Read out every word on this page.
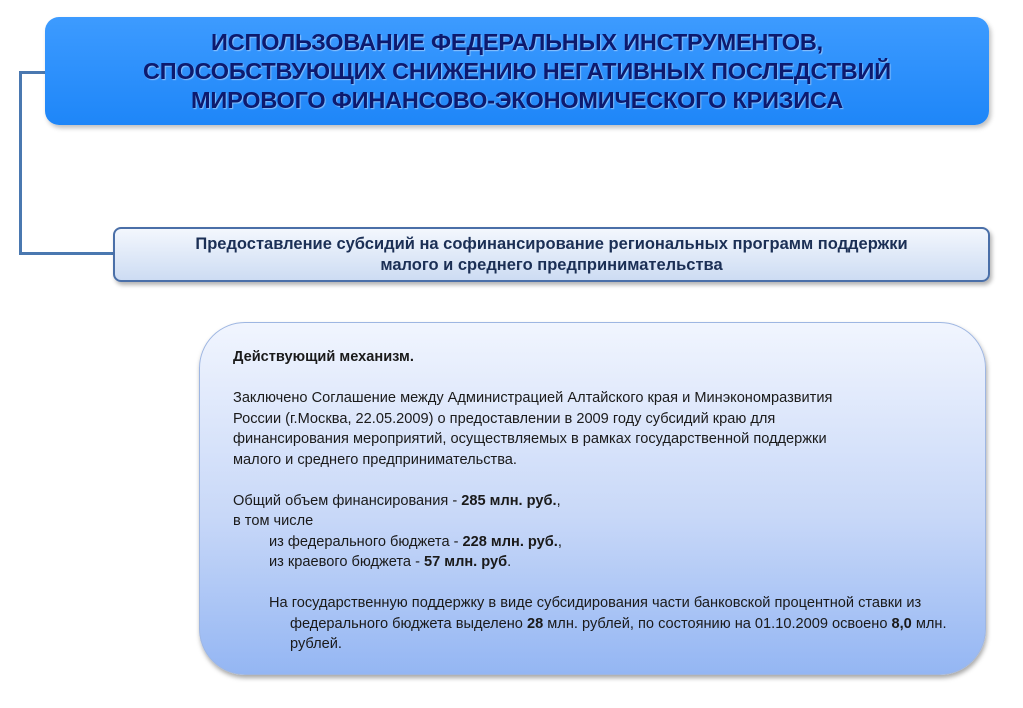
ИСПОЛЬЗОВАНИЕ ФЕДЕРАЛЬНЫХ ИНСТРУМЕНТОВ,
СПОСОБСТВУЮЩИХ СНИЖЕНИЮ НЕГАТИВНЫХ ПОСЛЕДСТВИЙ
МИРОВОГО ФИНАНСОВО-ЭКОНОМИЧЕСКОГО КРИЗИСА
Предоставление субсидий на софинансирование региональных программ поддержки
малого и среднего предпринимательства

Действующий механизм.

Заключено Соглашение между Администрацией Алтайского края и Минэкономразвития

России (г.Москва, 22.05.2009) о предоставлении в 2009 году субсидий краю для

финансирования мероприятий, осуществляемых в рамках государственной поддержки

малого и среднего предпринимательства.

Общий объем финансирования - 285 млн. руб.,

в том числе

из федерального бюджета - 228 млн. руб.,

из краевого бюджета - 57 млн. руб.

На государственную поддержку в виде субсидирования части банковской процентной ставки из федерального бюджета выделено 28 млн. рублей, по состоянию на 01.10.2009 освоено 8,0 млн. рублей.
